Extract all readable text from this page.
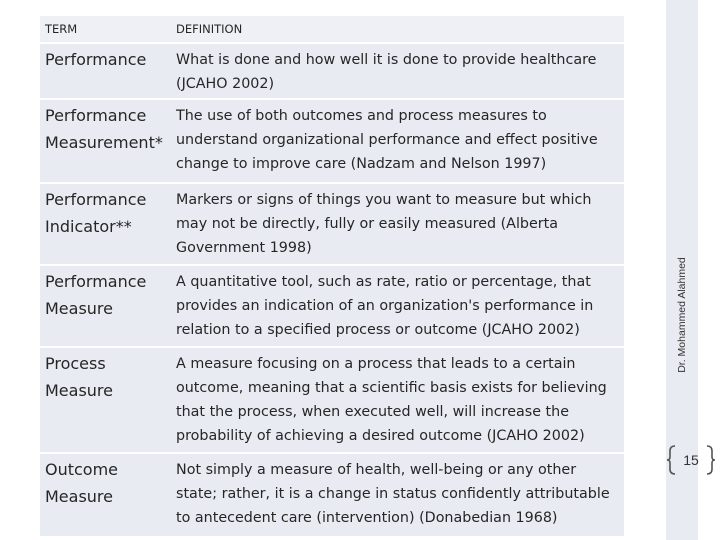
TERM	DEFINITION
Performance	What is done and how well it is done to provide healthcare
(JCAHO 2002)
Performance
Measurement*
The use of both outcomes and process measures to
understand organizational performance and effect positive
change to improve care (Nadzam and Nelson 1997)
Performance
Indicator**
Markers or signs of things you want to measure but which
may not be directly, fully or easily measured (Alberta
Government 1998)
Performance
Measure
A quantitative tool, such as rate, ratio or percentage, that
provides an indication of an organization's performance in
relation to a specified process or outcome (JCAHO 2002)
Process
Measure
A measure focusing on a process that leads to a certain
outcome, meaning that a scientific basis exists for believing
that the process, when executed well, will increase the
probability of achieving a desired outcome (JCAHO 2002)
Outcome
Measure
Not simply a measure of health, well-being or any other
state; rather, it is a change in status confidently attributable
to antecedent care (intervention) (Donabedian 1968)
Dr. Mohammed Alahmed
15
